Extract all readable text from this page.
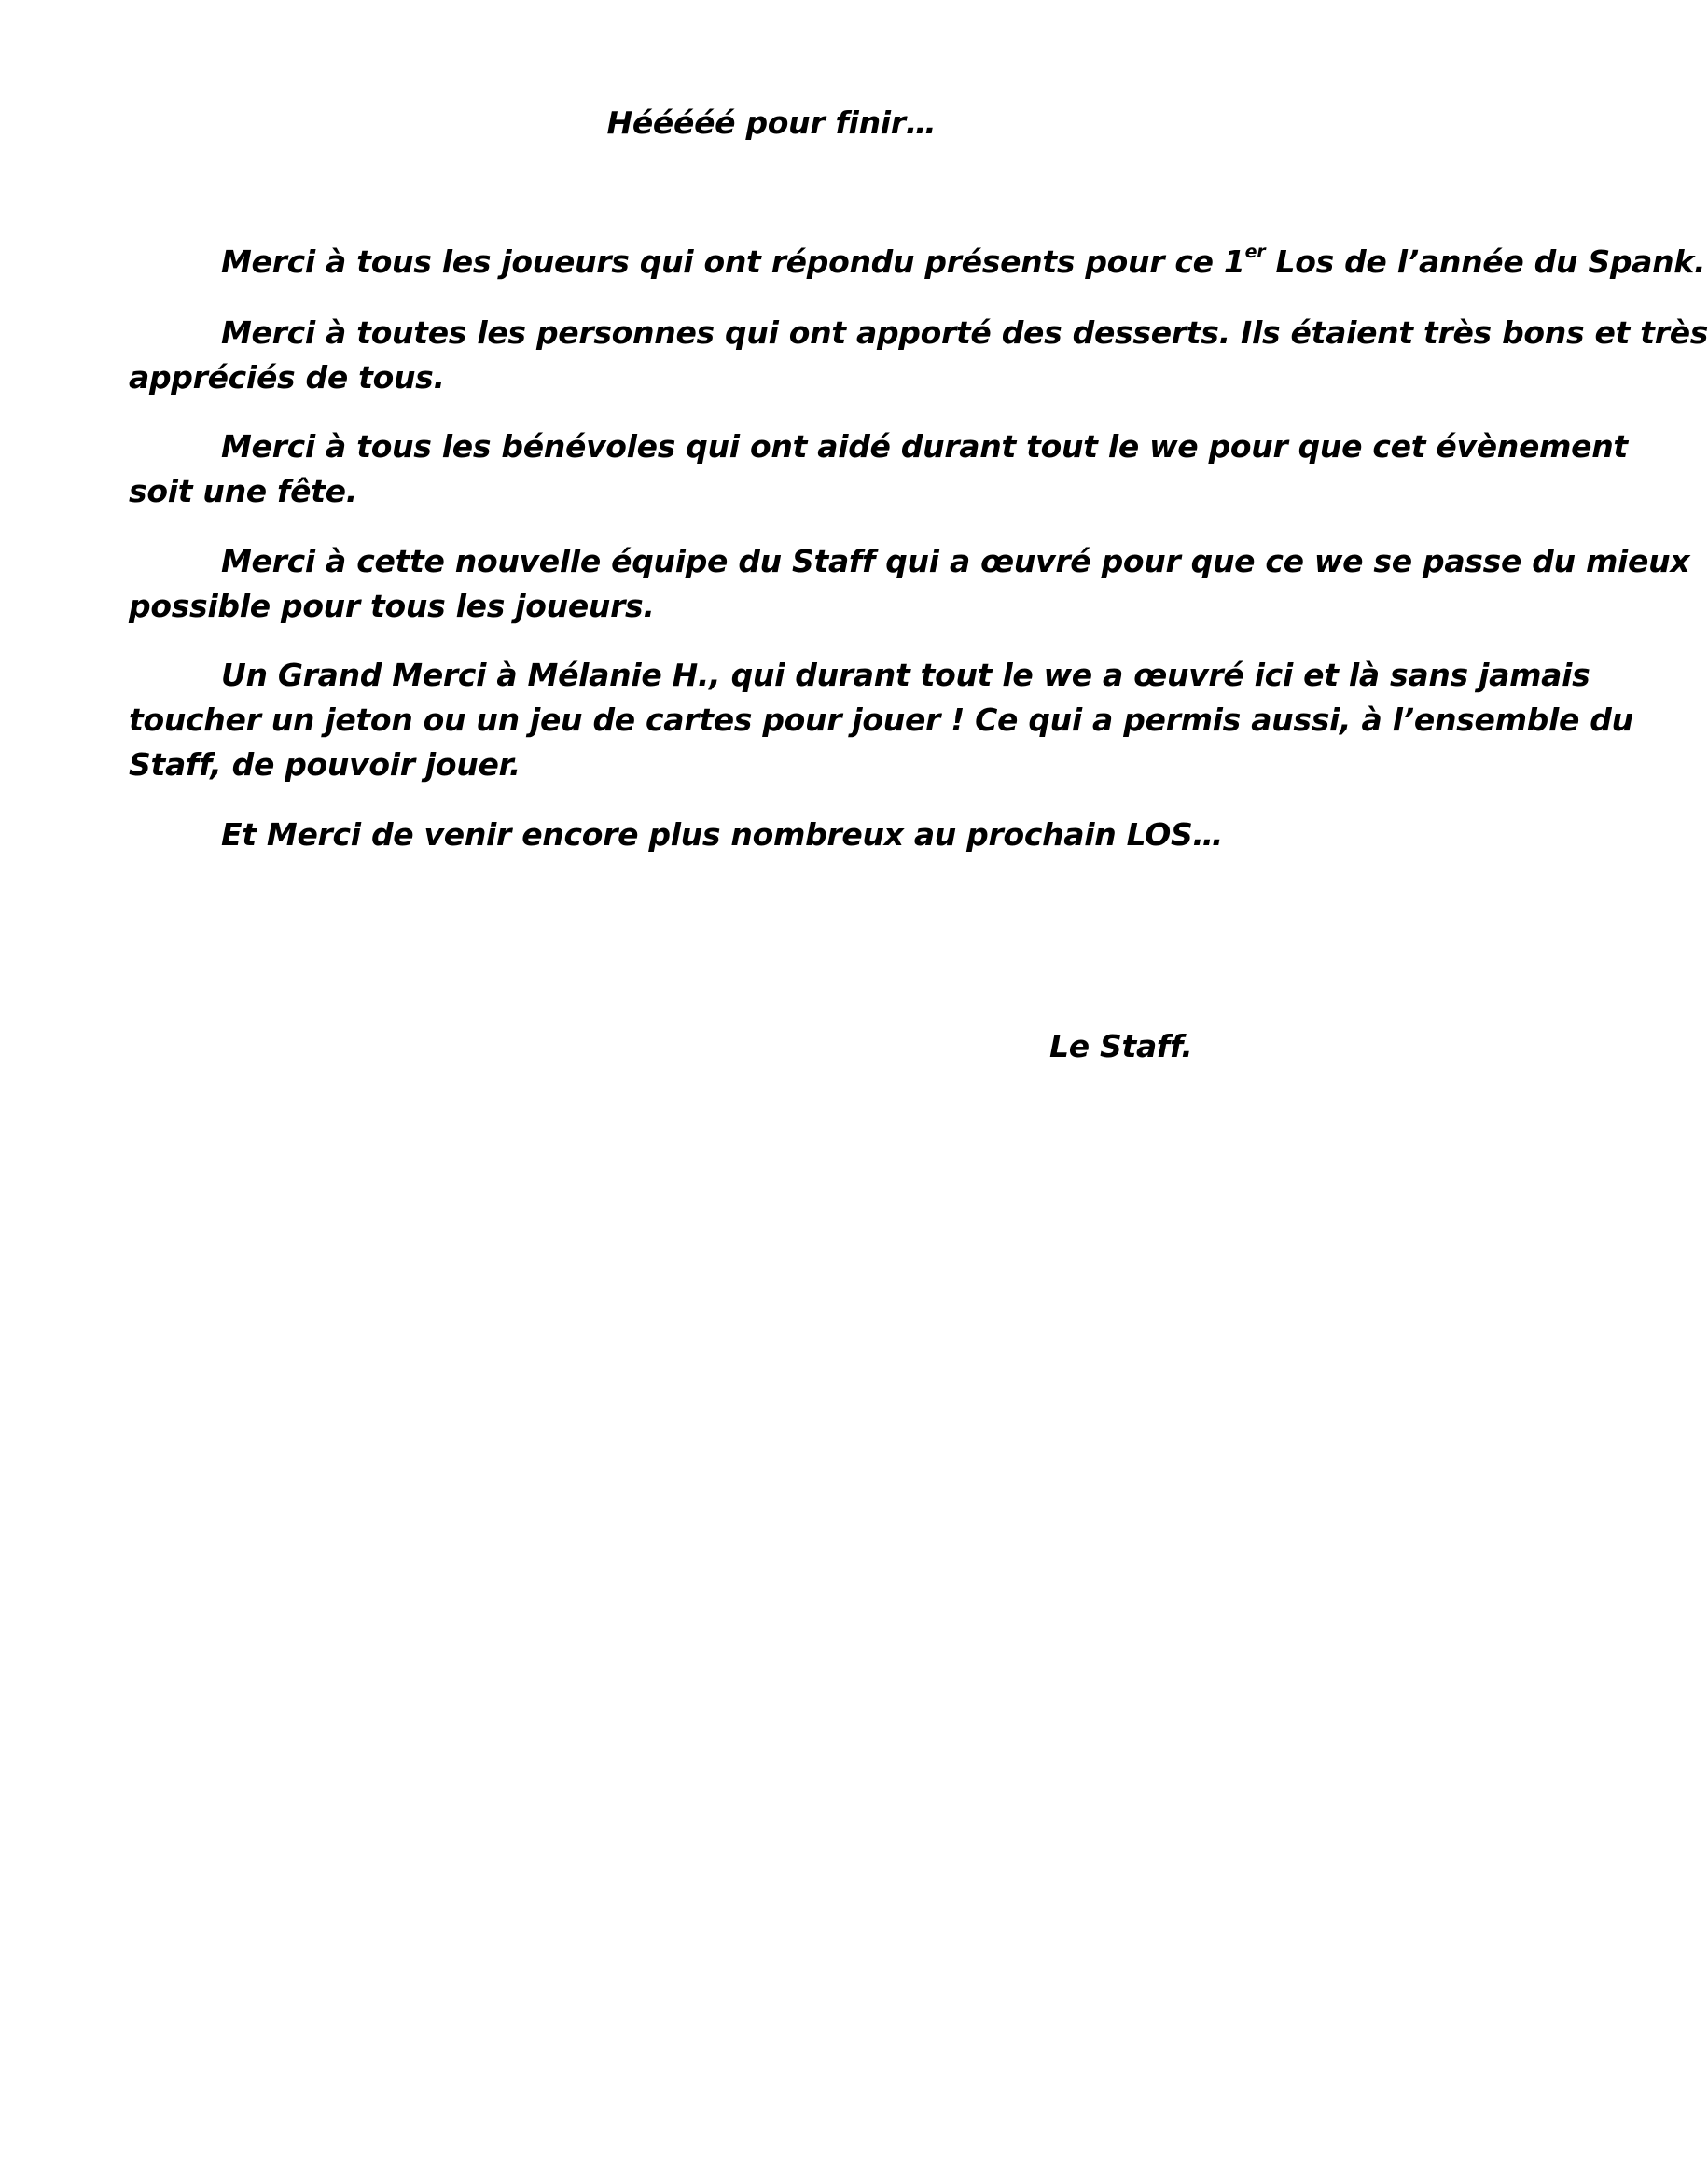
Hééééé pour finir…

Merci à tous les joueurs qui ont répondu présents pour ce 1er Los de l’année du Spank.

Merci à toutes les personnes qui ont apporté des desserts. Ils étaient très bons et très
appréciés de tous.

Merci à tous les bénévoles qui ont aidé durant tout le we pour que cet évènement
soit une fête.

Merci à cette nouvelle équipe du Staff qui a œuvré pour que ce we se passe du mieux
possible pour tous les joueurs.

Un Grand Merci à Mélanie H., qui durant tout le we a œuvré ici et là sans jamais
toucher un jeton ou un jeu de cartes pour jouer ! Ce qui a permis aussi, à l’ensemble du
Staff, de pouvoir jouer.

Et Merci de venir encore plus nombreux au prochain LOS…

Le Staff.
